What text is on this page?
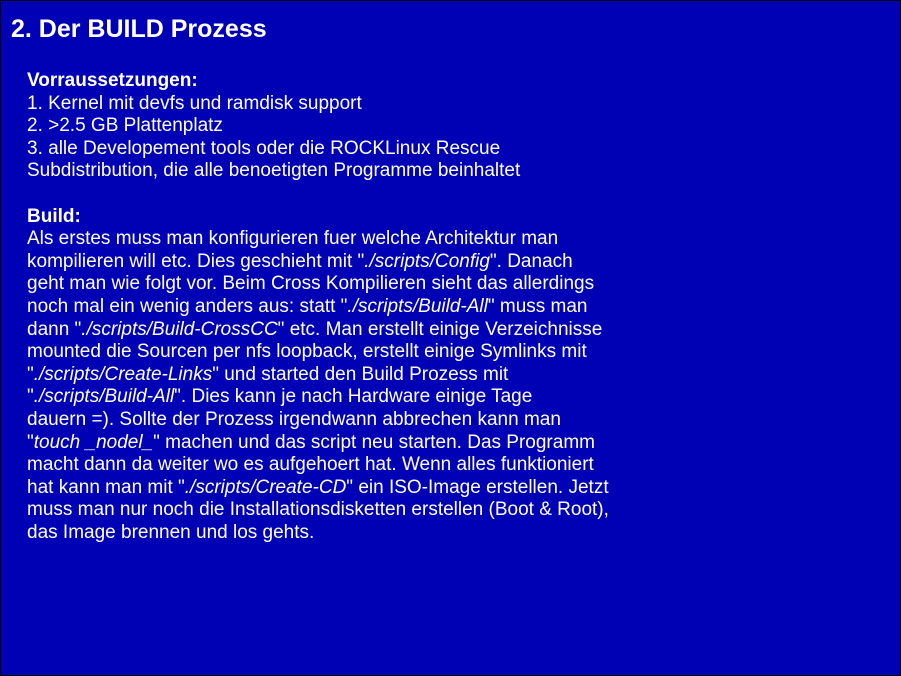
2. Der BUILD Prozess
Vorraussetzungen:
1. Kernel mit devfs und ramdisk support
2. >2.5 GB Plattenplatz
3. alle Developement tools oder die ROCKLinux Rescue
Subdistribution, die alle benoetigten Programme beinhaltet
Build:
Als erstes muss man konfigurieren fuer welche Architektur man
kompilieren will etc. Dies geschieht mit "./scripts/Config". Danach
geht man wie folgt vor. Beim Cross Kompilieren sieht das allerdings
noch mal ein wenig anders aus: statt "./scripts/Build-All" muss man
dann "./scripts/Build-CrossCC" etc. Man erstellt einige Verzeichnisse
mounted die Sourcen per nfs loopback, erstellt einige Symlinks mit
"./scripts/Create-Links" und started den Build Prozess mit
"./scripts/Build-All". Dies kann je nach Hardware einige Tage
dauern =). Sollte der Prozess irgendwann abbrechen kann man
"touch _nodel_" machen und das script neu starten. Das Programm
macht dann da weiter wo es aufgehoert hat. Wenn alles funktioniert
hat kann man mit "./scripts/Create-CD" ein ISO-Image erstellen. Jetzt
muss man nur noch die Installationsdisketten erstellen (Boot & Root),
das Image brennen und los gehts.
